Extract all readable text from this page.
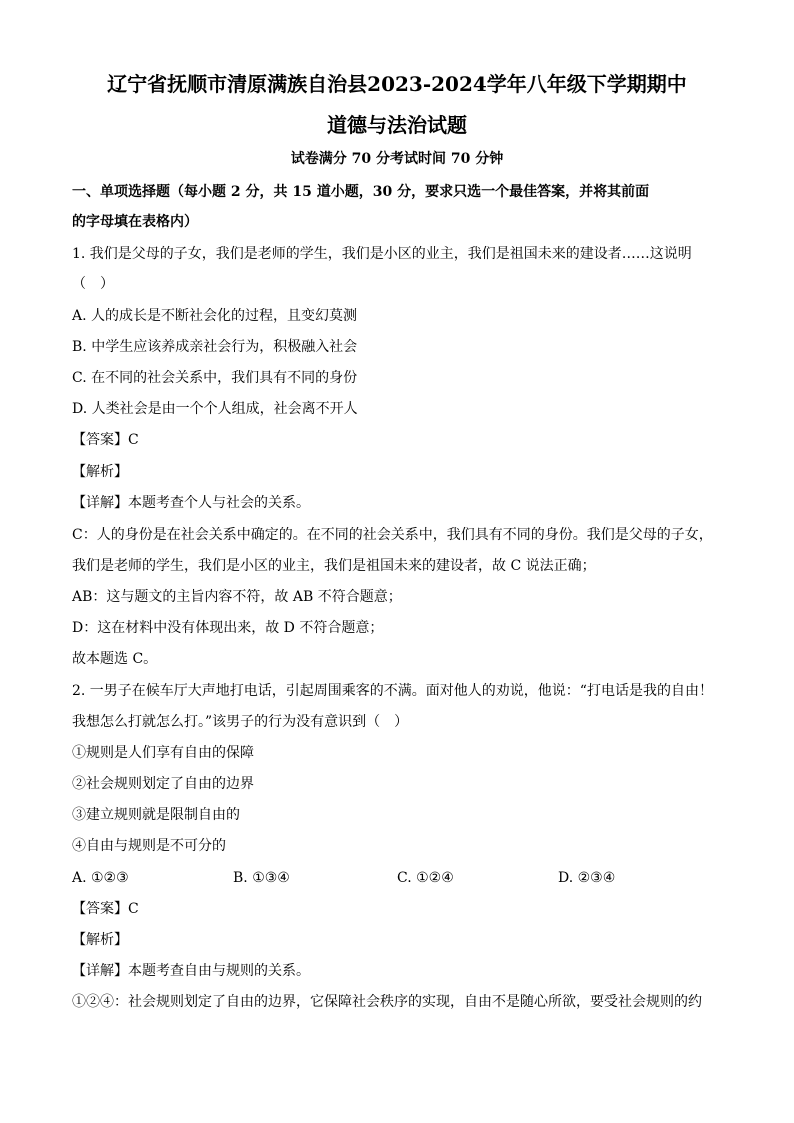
辽宁省抚顺市清原满族自治县2023-2024学年八年级下学期期中
道德与法治试题
试卷满分 70 分考试时间 70 分钟
一、单项选择题（每小题 2 分，共 15 道小题，30 分，要求只选一个最佳答案，并将其前面
的字母填在表格内）
1. 我们是父母的子女，我们是老师的学生，我们是小区的业主，我们是祖国未来的建设者……这说明
（　）
A. 人的成长是不断社会化的过程，且变幻莫测
B. 中学生应该养成亲社会行为，积极融入社会
C. 在不同的社会关系中，我们具有不同的身份
D. 人类社会是由一个个人组成，社会离不开人
【答案】C
【解析】
【详解】本题考查个人与社会的关系。
C：人的身份是在社会关系中确定的。在不同的社会关系中，我们具有不同的身份。我们是父母的子女，
我们是老师的学生，我们是小区的业主，我们是祖国未来的建设者，故 C 说法正确；
AB：这与题文的主旨内容不符，故 AB 不符合题意；
D：这在材料中没有体现出来，故 D 不符合题意；
故本题选 C。
2. 一男子在候车厅大声地打电话，引起周围乘客的不满。面对他人的劝说，他说：“打电话是我的自由！
我想怎么打就怎么打。”该男子的行为没有意识到（　）
①规则是人们享有自由的保障
②社会规则划定了自由的边界
③建立规则就是限制自由的
④自由与规则是不可分的
A. ①②③	B. ①③④	C. ①②④	D. ②③④
【答案】C
【解析】
【详解】本题考查自由与规则的关系。
①②④：社会规则划定了自由的边界，它保障社会秩序的实现，自由不是随心所欲，要受社会规则的约
